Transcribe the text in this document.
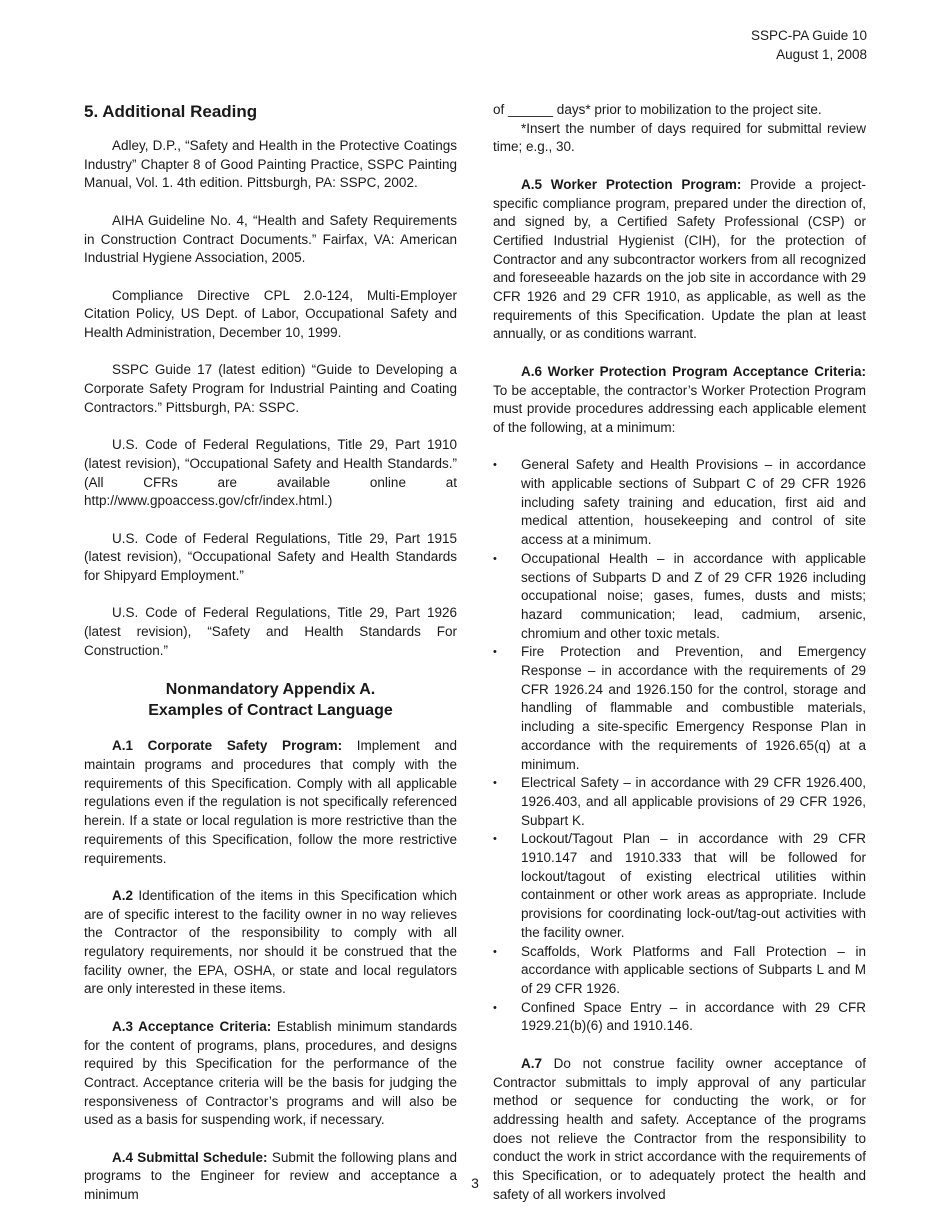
SSPC-PA Guide 10
August 1, 2008
5. Additional Reading

Adley, D.P., “Safety and Health in the Protective Coatings Industry” Chapter 8 of Good Painting Practice, SSPC Painting Manual, Vol. 1. 4th edition. Pittsburgh, PA: SSPC, 2002.

AIHA Guideline No. 4, “Health and Safety Requirements in Construction Contract Documents.” Fairfax, VA: American Industrial Hygiene Association, 2005.

Compliance Directive CPL 2.0-124, Multi-Employer Citation Policy, US Dept. of Labor, Occupational Safety and Health Administration, December 10, 1999.

SSPC Guide 17 (latest edition) “Guide to Developing a Corporate Safety Program for Industrial Painting and Coating Contractors.” Pittsburgh, PA: SSPC.

U.S. Code of Federal Regulations, Title 29, Part 1910 (latest revision), “Occupational Safety and Health Standards.” (All CFRs are available online at http://www.gpoaccess.gov/cfr/index.html.)

U.S. Code of Federal Regulations, Title 29, Part 1915 (latest revision), “Occupational Safety and Health Standards for Shipyard Employment.”

U.S. Code of Federal Regulations, Title 29, Part 1926 (latest revision), “Safety and Health Standards For Construction.”

Nonmandatory Appendix A.
Examples of Contract Language

A.1 Corporate Safety Program: Implement and maintain programs and procedures that comply with the requirements of this Specification. Comply with all applicable regulations even if the regulation is not specifically referenced herein. If a state or local regulation is more restrictive than the requirements of this Specification, follow the more restrictive requirements.

A.2 Identification of the items in this Specification which are of specific interest to the facility owner in no way relieves the Contractor of the responsibility to comply with all regulatory requirements, nor should it be construed that the facility owner, the EPA, OSHA, or state and local regulators are only interested in these items.

A.3 Acceptance Criteria: Establish minimum standards for the content of programs, plans, procedures, and designs required by this Specification for the performance of the Contract. Acceptance criteria will be the basis for judging the responsiveness of Contractor’s programs and will also be used as a basis for suspending work, if necessary.

A.4 Submittal Schedule: Submit the following plans and programs to the Engineer for review and acceptance a minimum

of ______ days* prior to mobilization to the project site.

*Insert the number of days required for submittal review time; e.g., 30.

A.5 Worker Protection Program: Provide a project-specific compliance program, prepared under the direction of, and signed by, a Certified Safety Professional (CSP) or Certified Industrial Hygienist (CIH), for the protection of Contractor and any subcontractor workers from all recognized and foreseeable hazards on the job site in accordance with 29 CFR 1926 and 29 CFR 1910, as applicable, as well as the requirements of this Specification. Update the plan at least annually, or as conditions warrant.

A.6 Worker Protection Program Acceptance Criteria: To be acceptable, the contractor’s Worker Protection Program must provide procedures addressing each applicable element of the following, at a minimum:

• General Safety and Health Provisions – in accordance with applicable sections of Subpart C of 29 CFR 1926 including safety training and education, first aid and medical attention, housekeeping and control of site access at a minimum.
• Occupational Health – in accordance with applicable sections of Subparts D and Z of 29 CFR 1926 including occupational noise; gases, fumes, dusts and mists; hazard communication; lead, cadmium, arsenic, chromium and other toxic metals.
• Fire Protection and Prevention, and Emergency Response – in accordance with the requirements of 29 CFR 1926.24 and 1926.150 for the control, storage and handling of flammable and combustible materials, including a site-specific Emergency Response Plan in accordance with the requirements of 1926.65(q) at a minimum.
• Electrical Safety – in accordance with 29 CFR 1926.400, 1926.403, and all applicable provisions of 29 CFR 1926, Subpart K.
• Lockout/Tagout Plan – in accordance with 29 CFR 1910.147 and 1910.333 that will be followed for lockout/tagout of existing electrical utilities within containment or other work areas as appropriate. Include provisions for coordinating lock-out/tag-out activities with the facility owner.
• Scaffolds, Work Platforms and Fall Protection – in accordance with applicable sections of Subparts L and M of 29 CFR 1926.
• Confined Space Entry – in accordance with 29 CFR 1929.21(b)(6) and 1910.146.

A.7 Do not construe facility owner acceptance of Contractor submittals to imply approval of any particular method or sequence for conducting the work, or for addressing health and safety. Acceptance of the programs does not relieve the Contractor from the responsibility to conduct the work in strict accordance with the requirements of this Specification, or to adequately protect the health and safety of all workers involved

3
